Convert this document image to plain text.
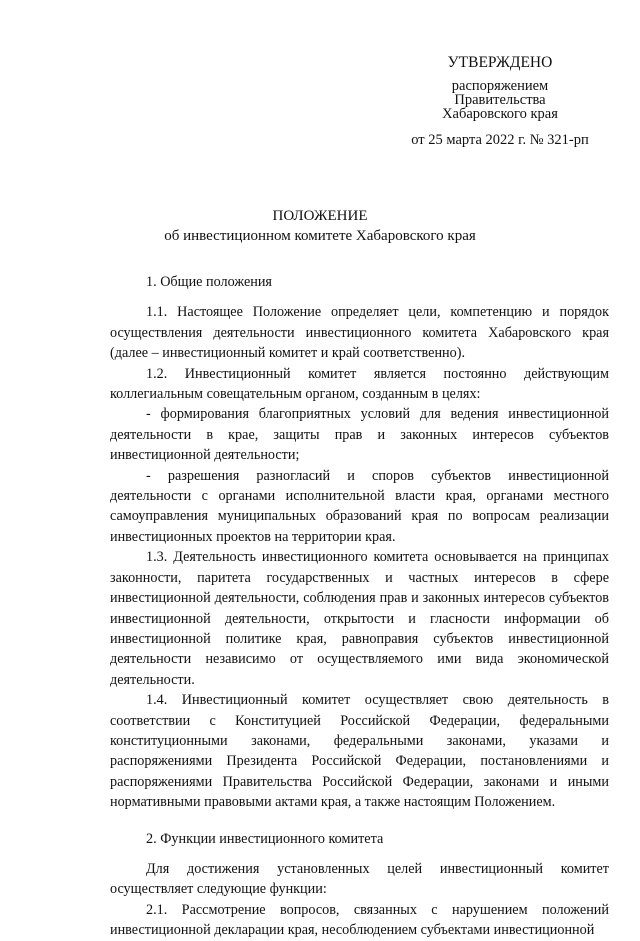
УТВЕРЖДЕНО
распоряжением
Правительства
Хабаровского края
от 25 марта 2022 г. № 321-рп
ПОЛОЖЕНИЕ
об инвестиционном комитете Хабаровского края

1. Общие положения

1.1. Настоящее Положение определяет цели, компетенцию и порядок осуществления деятельности инвестиционного комитета Хабаровского края (далее – инвестиционный комитет и край соответственно).

1.2. Инвестиционный комитет является постоянно действующим коллегиальным совещательным органом, созданным в целях:

- формирования благоприятных условий для ведения инвестиционной деятельности в крае, защиты прав и законных интересов субъектов инвестиционной деятельности;

- разрешения разногласий и споров субъектов инвестиционной деятельности с органами исполнительной власти края, органами местного самоуправления муниципальных образований края по вопросам реализации инвестиционных проектов на территории края.

1.3. Деятельность инвестиционного комитета основывается на принципах законности, паритета государственных и частных интересов в сфере инвестиционной деятельности, соблюдения прав и законных интересов субъектов инвестиционной деятельности, открытости и гласности информации об инвестиционной политике края, равноправия субъектов инвестиционной деятельности независимо от осуществляемого ими вида экономической деятельности.

1.4. Инвестиционный комитет осуществляет свою деятельность в соответствии с Конституцией Российской Федерации, федеральными конституционными законами, федеральными законами, указами и распоряжениями Президента Российской Федерации, постановлениями и распоряжениями Правительства Российской Федерации, законами и иными нормативными правовыми актами края, а также настоящим Положением.

2. Функции инвестиционного комитета

Для достижения установленных целей инвестиционный комитет осуществляет следующие функции:

2.1. Рассмотрение вопросов, связанных с нарушением положений инвестиционной декларации края, несоблюдением субъектами инвестиционной
